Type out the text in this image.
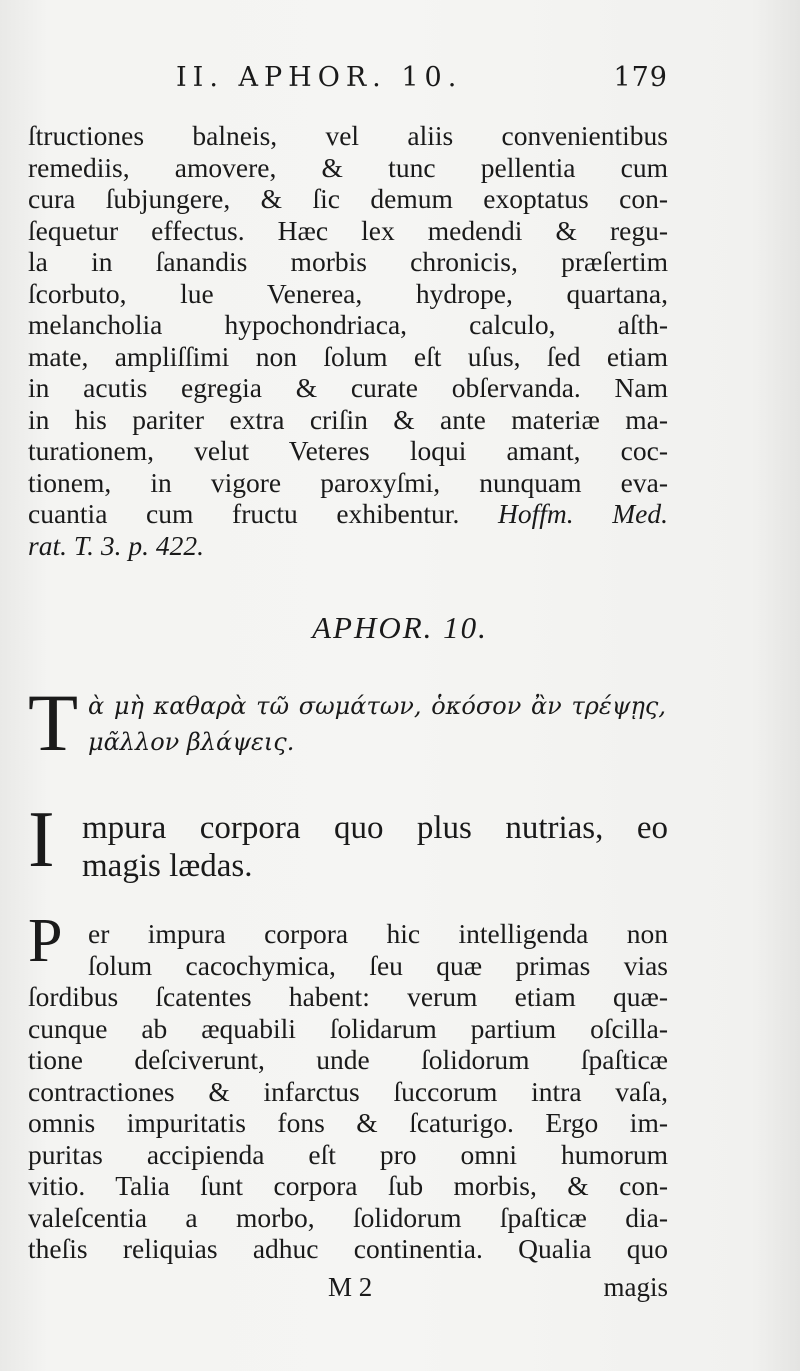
II. APHOR. 10.	179
ſtructiones balneis, vel aliis convenientibus
remediis, amovere, & tunc pellentia cum
cura ſubjungere, & ſic demum exoptatus con-
ſequetur effectus. Hæc lex medendi & regu-
la in ſanandis morbis chronicis, præſertim
ſcorbuto, lue Venerea, hydrope, quartana,
melancholia hypochondriaca, calculo, aſth-
mate, ampliſſimi non ſolum eſt uſus, ſed etiam
in acutis egregia & curate obſervanda. Nam
in his pariter extra criſin & ante materiæ ma-
turationem, velut Veteres loqui amant, coc-
tionem, in vigore paroxyſmi, nunquam eva-
cuantia cum fructu exhibentur. Hoffm. Med.
rat. T. 3. p. 422.
APHOR. 10.
T ὰ μὴ καθαρὰ τῶ σωμάτων, ὁκόσον ἂν τρέψῃς,
μᾶλλον βλάψεις.
I mpura corpora quo plus nutrias, eo
magis lædas.
P er impura corpora hic intelligenda non
ſolum cacochymica, ſeu quæ primas vias
ſordibus ſcatentes habent: verum etiam quæ-
cunque ab æquabili ſolidarum partium oſcilla-
tione deſciverunt, unde ſolidorum ſpaſticæ
contractiones & infarctus ſuccorum intra vaſa,
omnis impuritatis fons & ſcaturigo. Ergo im-
puritas accipienda eſt pro omni humorum
vitio. Talia ſunt corpora ſub morbis, & con-
valeſcentia a morbo, ſolidorum ſpaſticæ dia-
theſis reliquias adhuc continentia. Qualia quo
M 2	magis
